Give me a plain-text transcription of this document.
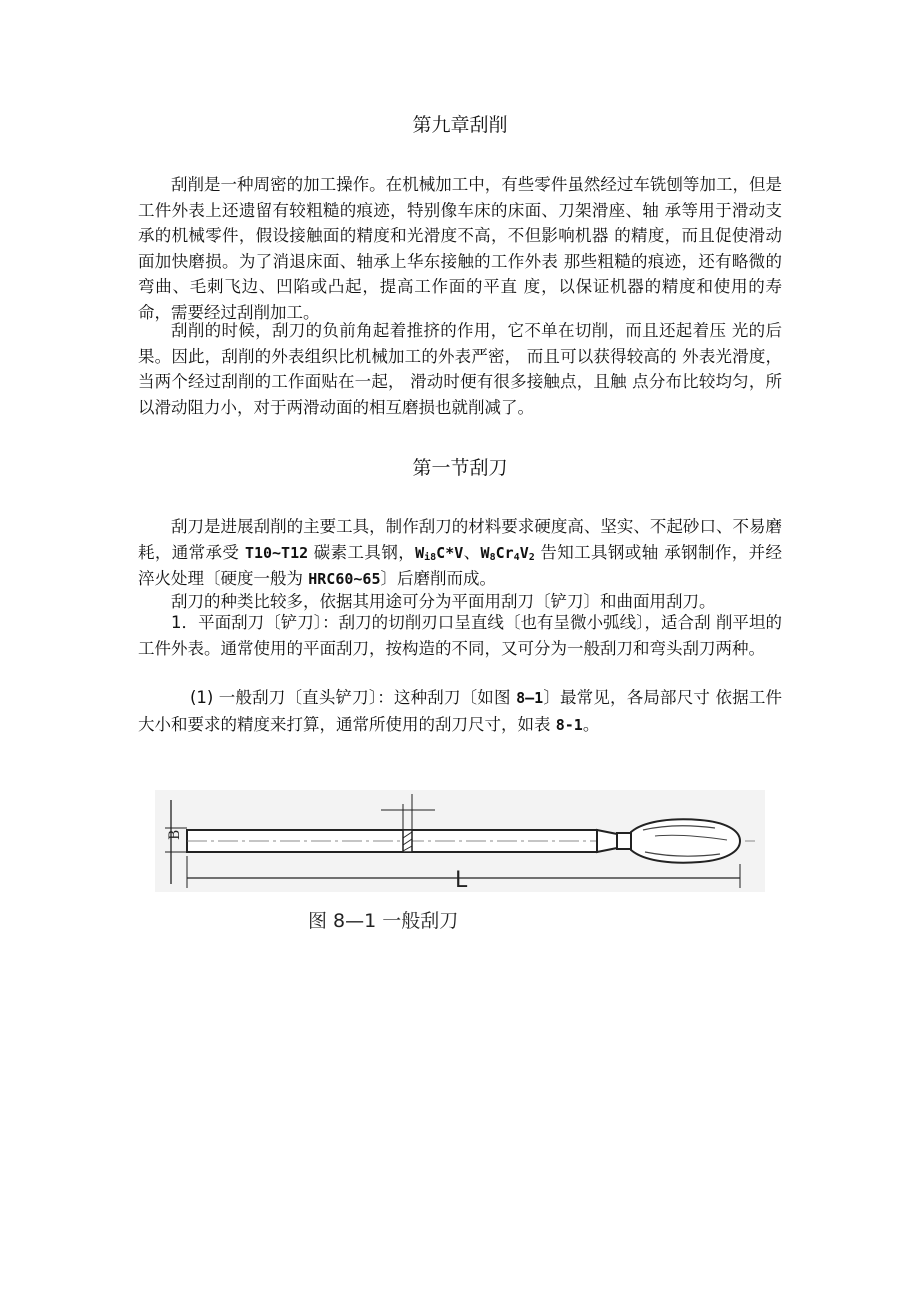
第九章刮削

刮削是一种周密的加工操作。在机械加工中，有些零件虽然经过车铣刨等加工，但是工件外表上还遗留有较粗糙的痕迹，特别像车床的床面、刀架滑座、轴 承等用于滑动支承的机械零件，假设接触面的精度和光滑度不高，不但影响机器 的精度，而且促使滑动面加快磨损。为了消退床面、轴承上华东接触的工作外表 那些粗糙的痕迹，还有略微的弯曲、毛刺飞边、凹陷或凸起，提高工作面的平直 度，以保证机器的精度和使用的寿命，需要经过刮削加工。

刮削的时候，刮刀的负前角起着推挤的作用，它不单在切削，而且还起着压 光的后果。因此，刮削的外表组织比机械加工的外表严密， 而且可以获得较高的 外表光滑度，当两个经过刮削的工作面贴在一起， 滑动时便有很多接触点，且触 点分布比较均匀，所以滑动阻力小，对于两滑动面的相互磨损也就削减了。

第一节刮刀

刮刀是进展刮削的主要工具，制作刮刀的材料要求硬度高、坚实、不起砂口、不易磨耗，通常承受 T10~T12 碳素工具钢，$W_{i8}C*V$、$W_8Cr_4V_2$ 告知工具钢或轴 承钢制作，并经淬火处理〔硬度一般为 HRC60~65〕后磨削而成。

刮刀的种类比较多，依据其用途可分为平面用刮刀〔铲刀〕和曲面用刮刀。

1．平面刮刀〔铲刀〕：刮刀的切削刃口呈直线〔也有呈微小弧线〕，适合刮 削平坦的工件外表。通常使用的平面刮刀，按构造的不同，又可分为一般刮刀和弯头刮刀两种。

(1) 一般刮刀〔直头铲刀〕：这种刮刀〔如图 8—1〕最常见，各局部尺寸 依据工件大小和要求的精度来打算，通常所使用的刮刀尺寸，如表 8-1。

B
L
图 8—1 一般刮刀
